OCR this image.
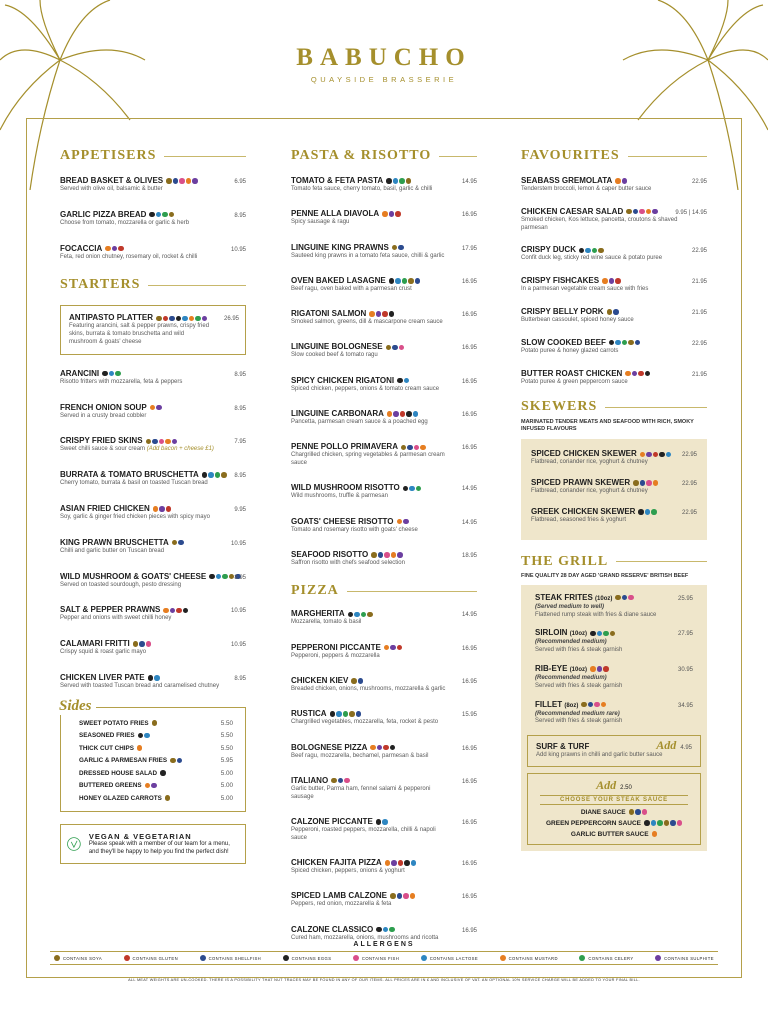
BABUCHO
QUAYSIDE BRASSERIE
APPETISERS
BREAD BASKET & OLIVES	6.95
Served with olive oil, balsamic & butter
GARLIC PIZZA BREAD	8.95
Choose from tomato, mozzarella or garlic & herb
FOCACCIA	10.95
Feta, red onion chutney, rosemary oil, rocket & chilli
STARTERS
ANTIPASTO PLATTER	26.95
Featuring arancini, salt & pepper prawns, crispy fried skins, burrata & tomato bruschetta and wild mushroom & goats' cheese
ARANCINI	8.95
Risotto fritters with mozzarella, feta & peppers
FRENCH ONION SOUP	8.95
Served in a crusty bread cobbler
CRISPY FRIED SKINS	7.95
Sweet chilli sauce & sour cream (Add bacon + cheese £1)
BURRATA & TOMATO BRUSCHETTA	8.95
Cherry tomato, burrata & basil on toasted Tuscan bread
ASIAN FRIED CHICKEN	9.95
Soy, garlic & ginger fried chicken pieces with spicy mayo
KING PRAWN BRUSCHETTA	10.95
Chilli and garlic butter on Tuscan bread
WILD MUSHROOM & GOATS' CHEESE	8.95
Served on toasted sourdough, pesto dressing
SALT & PEPPER PRAWNS	10.95
Pepper and onions with sweet chilli honey
CALAMARI FRITTI	10.95
Crispy squid & roast garlic mayo
CHICKEN LIVER PATE	8.95
Served with toasted Tuscan bread and caramelised chutney
Sides
SWEET POTATO FRIES	5.50
SEASONED FRIES	5.50
THICK CUT CHIPS	5.50
GARLIC & PARMESAN FRIES	5.95
DRESSED HOUSE SALAD	5.00
BUTTERED GREENS	5.00
HONEY GLAZED CARROTS	5.00
VEGAN & VEGETARIAN
Please speak with a member of our team for a menu, and they'll be happy to help you find the perfect dish!
PASTA & RISOTTO
TOMATO & FETA PASTA	14.95
Tomato feta sauce, cherry tomato, basil, garlic & chilli
PENNE ALLA DIAVOLA	16.95
Spicy sausage & ragu
LINGUINE KING PRAWNS	17.95
Sauteed king prawns in a tomato feta sauce, chilli & garlic
OVEN BAKED LASAGNE	16.95
Beef ragu, oven baked with a parmesan crust
RIGATONI SALMON	16.95
Smoked salmon, greens, dill & mascarpone cream sauce
LINGUINE BOLOGNESE	16.95
Slow cooked beef & tomato ragu
SPICY CHICKEN RIGATONI	16.95
Spiced chicken, peppers, onions & tomato cream sauce
LINGUINE CARBONARA	16.95
Pancetta, parmesan cream sauce & a poached egg
PENNE POLLO PRIMAVERA	16.95
Chargrilled chicken, spring vegetables & parmesan cream sauce
WILD MUSHROOM RISOTTO	14.95
Wild mushrooms, truffle & parmesan
GOATS' CHEESE RISOTTO	14.95
Tomato and rosemary risotto with goats' cheese
SEAFOOD RISOTTO	18.95
Saffron risotto with chefs seafood selection
PIZZA
MARGHERITA	14.95
Mozzarella, tomato & basil
PEPPERONI PICCANTE	16.95
Pepperoni, peppers & mozzarella
CHICKEN KIEV	16.95
Breaded chicken, onions, mushrooms, mozzarella & garlic
RUSTICA	15.95
Chargrilled vegetables, mozzarella, feta, rocket & pesto
BOLOGNESE PIZZA	16.95
Beef ragu, mozzarella, bechamel, parmesan & basil
ITALIANO	16.95
Garlic butter, Parma ham, fennel salami & pepperoni sausage
CALZONE PICCANTE	16.95
Pepperoni, roasted peppers, mozzarella, chilli & napoli sauce
CHICKEN FAJITA PIZZA	16.95
Spiced chicken, peppers, onions & yoghurt
SPICED LAMB CALZONE	16.95
Peppers, red onion, mozzarella & feta
CALZONE CLASSICO	16.95
Cured ham, mozzarella, onions, mushrooms and ricotta
FAVOURITES
SEABASS GREMOLATA	22.95
Tenderstem broccoli, lemon & caper butter sauce
CHICKEN CAESAR SALAD	9.95 | 14.95
Smoked chicken, Kos lettuce, pancetta, croutons & shaved parmesan
CRISPY DUCK	22.95
Confit duck leg, sticky red wine sauce & potato puree
CRISPY FISHCAKES	21.95
In a parmesan vegetable cream sauce with fries
CRISPY BELLY PORK	21.95
Butterbean cassoulet, spiced honey sauce
SLOW COOKED BEEF	22.95
Potato puree & honey glazed carrots
BUTTER ROAST CHICKEN	21.95
Potato puree & green peppercorn sauce
SKEWERS
MARINATED TENDER MEATS AND SEAFOOD WITH RICH, SMOKY INFUSED FLAVOURS
SPICED CHICKEN SKEWER	22.95
Flatbread, coriander rice, yoghurt & chutney
SPICED PRAWN SKEWER	22.95
Flatbread, coriander rice, yoghurt & chutney
GREEK CHICKEN SKEWER	22.95
Flatbread, seasoned fries & yoghurt
THE GRILL
FINE QUALITY 28 DAY AGED 'GRAND RESERVE' BRITISH BEEF
STEAK FRITES (10oz)	25.95
(Served medium to well)
Flattened rump steak with fries & diane sauce
SIRLOIN (10oz)	27.95
(Recommended medium)
Served with fries & steak garnish
RIB-EYE (10oz)	30.95
(Recommended medium)
Served with fries & steak garnish
FILLET (8oz)	34.95
(Recommended medium rare)
Served with fries & steak garnish
SURF & TURF	Add 4.95
Add king prawns in chilli and garlic butter sauce
Add 2.50
CHOOSE YOUR STEAK SAUCE
DIANE SAUCE
GREEN PEPPERCORN SAUCE
GARLIC BUTTER SAUCE
ALLERGENS
CONTAINS SOYA	CONTAINS GLUTEN	CONTAINS SHELLFISH	CONTAINS EGGS	CONTAINS FISH	CONTAINS LACTOSE	CONTAINS MUSTARD	CONTAINS CELERY	CONTAINS SULPHITE
ALL MEAT WEIGHTS ARE UN-COOKED. THERE IS A POSSIBILITY THAT NUT TRACES MAY BE FOUND IN ANY OF OUR ITEMS. ALL PRICES ARE IN £ AND INCLUSIVE OF VAT. AN OPTIONAL 10% SERVICE CHARGE WILL BE ADDED TO YOUR FINAL BILL.
